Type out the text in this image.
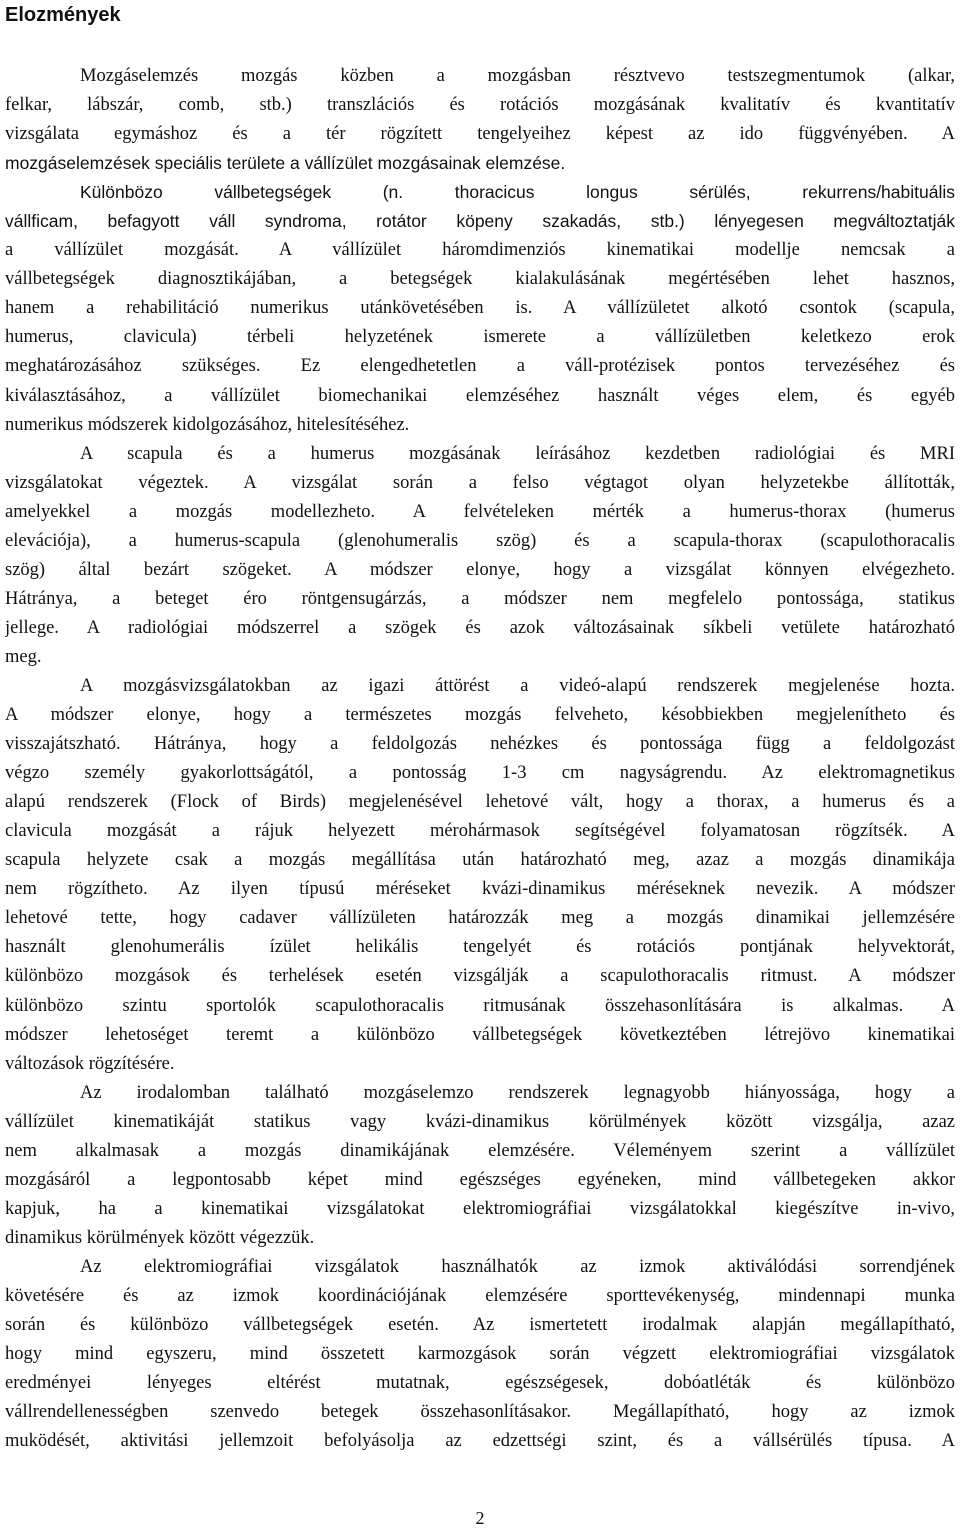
Elozmények
Mozgáselemzés mozgás közben a mozgásban résztvevo testszegmentumok (alkar,
felkar, lábszár, comb, stb.) transzlációs és rotációs mozgásának kvalitatív és kvantitatív
vizsgálata egymáshoz és a tér rögzített tengelyeihez képest az ido függvényében. A
mozgáselemzések speciális területe a vállízület mozgásainak elemzése.
Különbözo vállbetegségek (n. thoracicus longus sérülés, rekurrens/habituális
vállficam, befagyott váll syndroma, rotátor köpeny szakadás, stb.) lényegesen megváltoztatják
a vállízület mozgását. A vállízület háromdimenziós kinematikai modellje nemcsak a
vállbetegségek diagnosztikájában, a betegségek kialakulásának megértésében lehet hasznos,
hanem a rehabilitáció numerikus utánkövetésében is. A vállízületet alkotó csontok (scapula,
humerus, clavicula) térbeli helyzetének ismerete a vállízületben keletkezo erok
meghatározásához szükséges. Ez elengedhetetlen a váll-protézisek pontos tervezéséhez és
kiválasztásához, a vállízület biomechanikai elemzéséhez használt véges elem, és egyéb
numerikus módszerek kidolgozásához, hitelesítéséhez.
A scapula és a humerus mozgásának leírásához kezdetben radiológiai és MRI
vizsgálatokat végeztek. A vizsgálat során a felso végtagot olyan helyzetekbe állították,
amelyekkel a mozgás modellezheto. A felvételeken mérték a humerus-thorax (humerus
elevációja), a humerus-scapula (glenohumeralis szög) és a scapula-thorax (scapulothoracalis
szög) által bezárt szögeket. A módszer elonye, hogy a vizsgálat könnyen elvégezheto.
Hátránya, a beteget éro röntgensugárzás, a módszer nem megfelelo pontossága, statikus
jellege. A radiológiai módszerrel a szögek és azok változásainak síkbeli vetülete határozható
meg.
A mozgásvizsgálatokban az igazi áttörést a videó-alapú rendszerek megjelenése hozta.
A módszer elonye, hogy a természetes mozgás felveheto, késobbiekben megjelenítheto és
visszajátszható. Hátránya, hogy a feldolgozás nehézkes és pontossága függ a feldolgozást
végzo személy gyakorlottságától, a pontosság 1-3 cm nagyságrendu. Az elektromagnetikus
alapú rendszerek (Flock of Birds) megjelenésével lehetové vált, hogy a thorax, a humerus és a
clavicula mozgását a rájuk helyezett mérohármasok segítségével folyamatosan rögzítsék. A
scapula helyzete csak a mozgás megállítása után határozható meg, azaz a mozgás dinamikája
nem rögzítheto. Az ilyen típusú méréseket kvázi-dinamikus méréseknek nevezik. A módszer
lehetové tette, hogy cadaver vállízületen határozzák meg a mozgás dinamikai jellemzésére
használt glenohumerális ízület helikális tengelyét és rotációs pontjának helyvektorát,
különbözo mozgások és terhelések esetén vizsgálják a scapulothoracalis ritmust. A módszer
különbözo szintu sportolók scapulothoracalis ritmusának összehasonlítására is alkalmas. A
módszer lehetoséget teremt a különbözo vállbetegségek következtében létrejövo kinematikai
változások rögzítésére.
Az irodalomban található mozgáselemzo rendszerek legnagyobb hiányossága, hogy a
vállízület kinematikáját statikus vagy kvázi-dinamikus körülmények között vizsgálja, azaz
nem alkalmasak a mozgás dinamikájának elemzésére. Véleményem szerint a vállízület
mozgásáról a legpontosabb képet mind egészséges egyéneken, mind vállbetegeken akkor
kapjuk, ha a kinematikai vizsgálatokat elektromiográfiai vizsgálatokkal kiegészítve in-vivo,
dinamikus körülmények között végezzük.
Az elektromiográfiai vizsgálatok használhatók az izmok aktiválódási sorrendjének
követésére és az izmok koordinációjának elemzésére sporttevékenység, mindennapi munka
során és különbözo vállbetegségek esetén. Az ismertetett irodalmak alapján megállapítható,
hogy mind egyszeru, mind összetett karmozgások során végzett elektromiográfiai vizsgálatok
eredményei lényeges eltérést mutatnak, egészségesek, dobóatléták és különbözo
vállrendellenességben szenvedo betegek összehasonlításakor. Megállapítható, hogy az izmok
muködését, aktivitási jellemzoit befolyásolja az edzettségi szint, és a vállsérülés típusa. A
2
